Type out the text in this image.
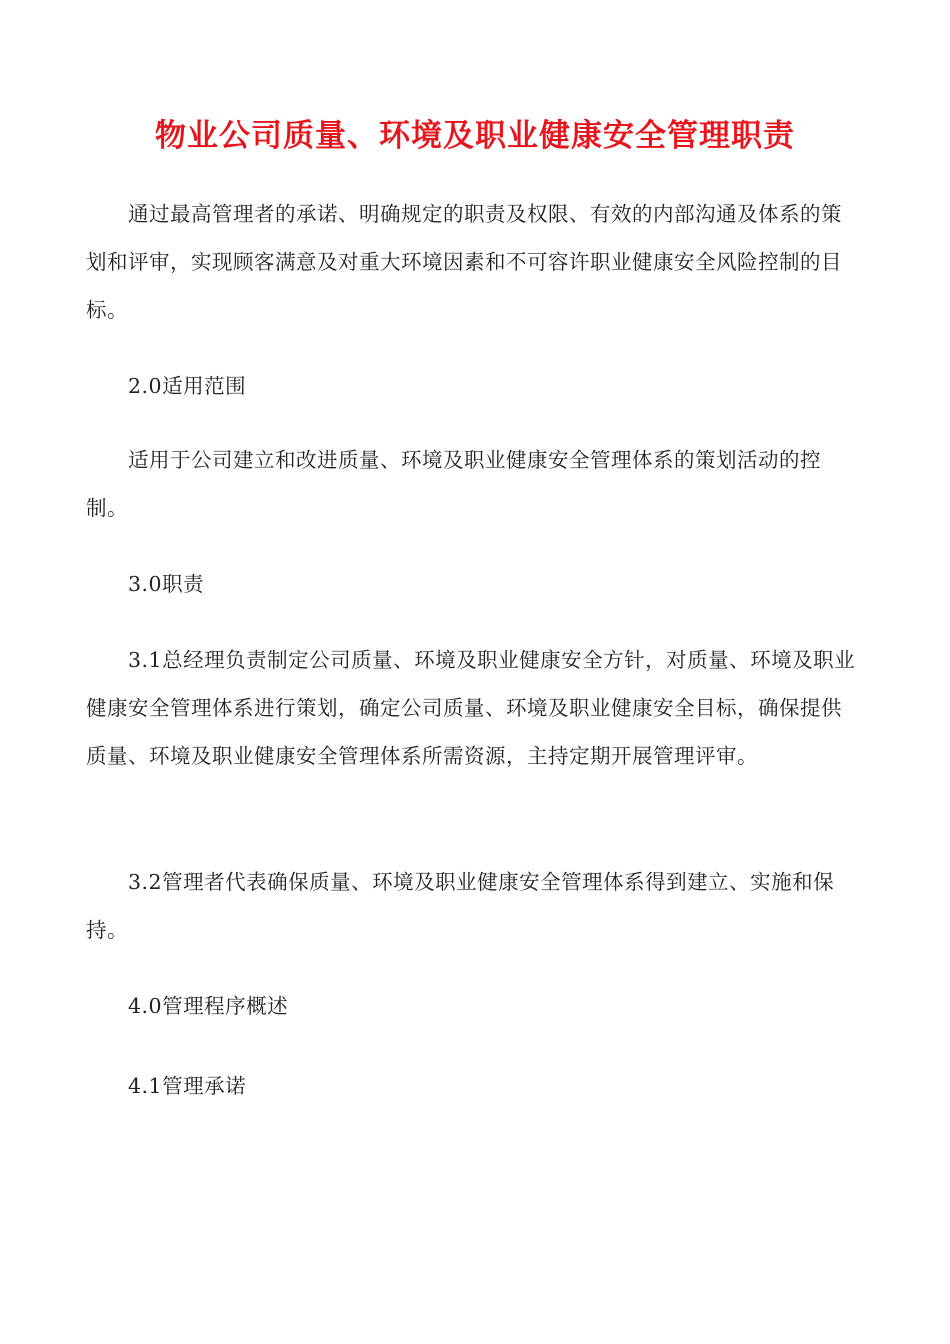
物业公司质量、环境及职业健康安全管理职责

通过最高管理者的承诺、明确规定的职责及权限、有效的内部沟通及体系的策划和评审，实现顾客满意及对重大环境因素和不可容许职业健康安全风险控制的目标。

2.0适用范围

适用于公司建立和改进质量、环境及职业健康安全管理体系的策划活动的控制。

3.0职责

3.1总经理负责制定公司质量、环境及职业健康安全方针，对质量、环境及职业健康安全管理体系进行策划，确定公司质量、环境及职业健康安全目标，确保提供质量、环境及职业健康安全管理体系所需资源，主持定期开展管理评审。

3.2管理者代表确保质量、环境及职业健康安全管理体系得到建立、实施和保持。

4.0管理程序概述

4.1管理承诺
